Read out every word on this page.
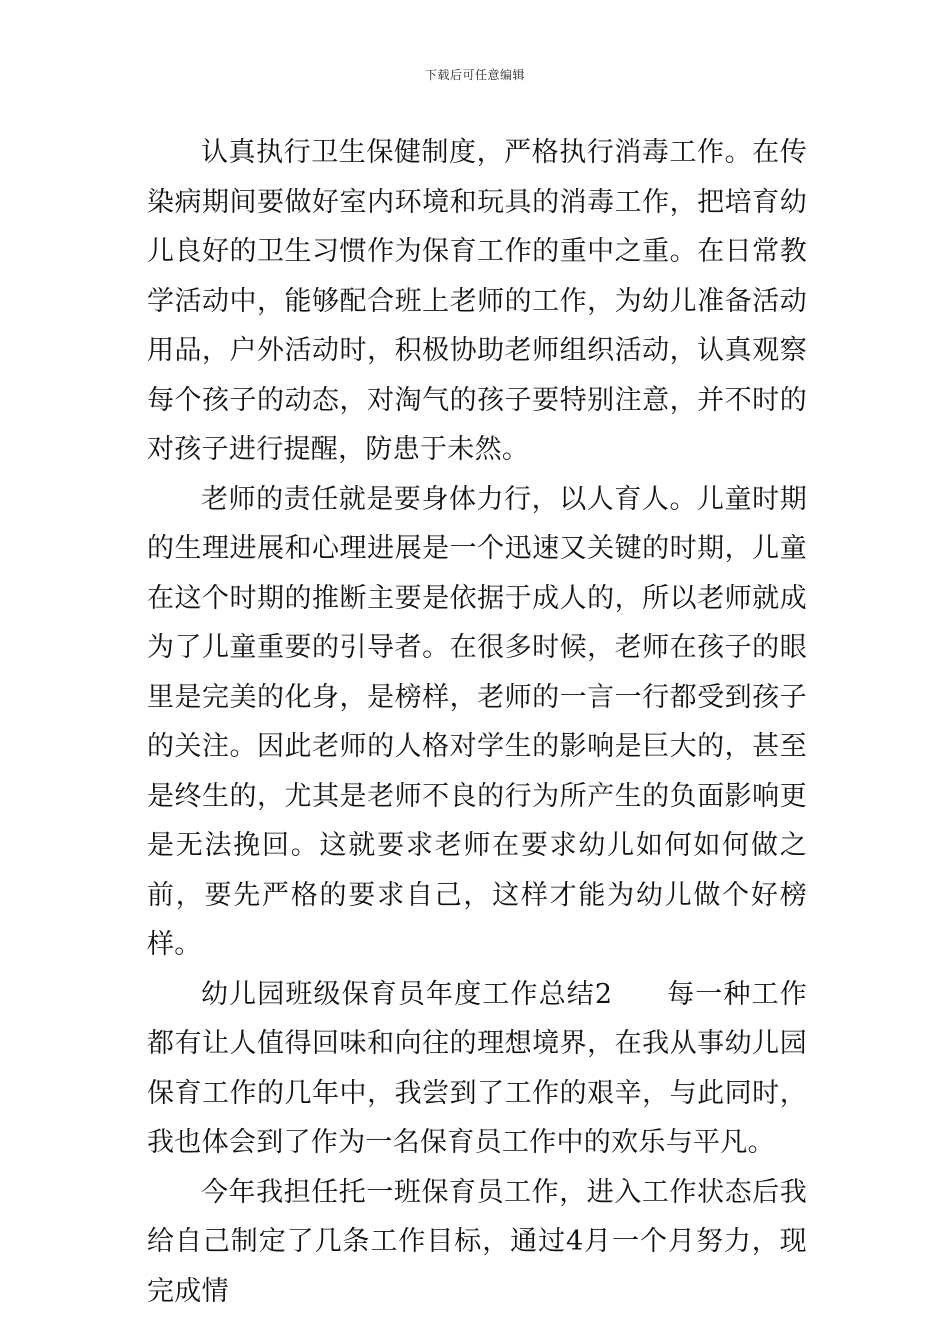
下载后可任意编辑

认真执行卫生保健制度，严格执行消毒工作。在传染病期间要做好室内环境和玩具的消毒工作，把培育幼儿良好的卫生习惯作为保育工作的重中之重。在日常教学活动中，能够配合班上老师的工作，为幼儿准备活动用品，户外活动时，积极协助老师组织活动，认真观察每个孩子的动态，对淘气的孩子要特别注意，并不时的对孩子进行提醒，防患于未然。

老师的责任就是要身体力行，以人育人。儿童时期的生理进展和心理进展是一个迅速又关键的时期，儿童在这个时期的推断主要是依据于成人的，所以老师就成为了儿童重要的引导者。在很多时候，老师在孩子的眼里是完美的化身，是榜样，老师的一言一行都受到孩子的关注。因此老师的人格对学生的影响是巨大的，甚至是终生的，尤其是老师不良的行为所产生的负面影响更是无法挽回。这就要求老师在要求幼儿如何如何做之前，要先严格的要求自己，这样才能为幼儿做个好榜样。

幼儿园班级保育员年度工作总结2 每一种工作都有让人值得回味和向往的理想境界，在我从事幼儿园保育工作的几年中，我尝到了工作的艰辛，与此同时，我也体会到了作为一名保育员工作中的欢乐与平凡。

今年我担任托一班保育员工作，进入工作状态后我给自己制定了几条工作目标，通过4月一个月努力，现完成情
